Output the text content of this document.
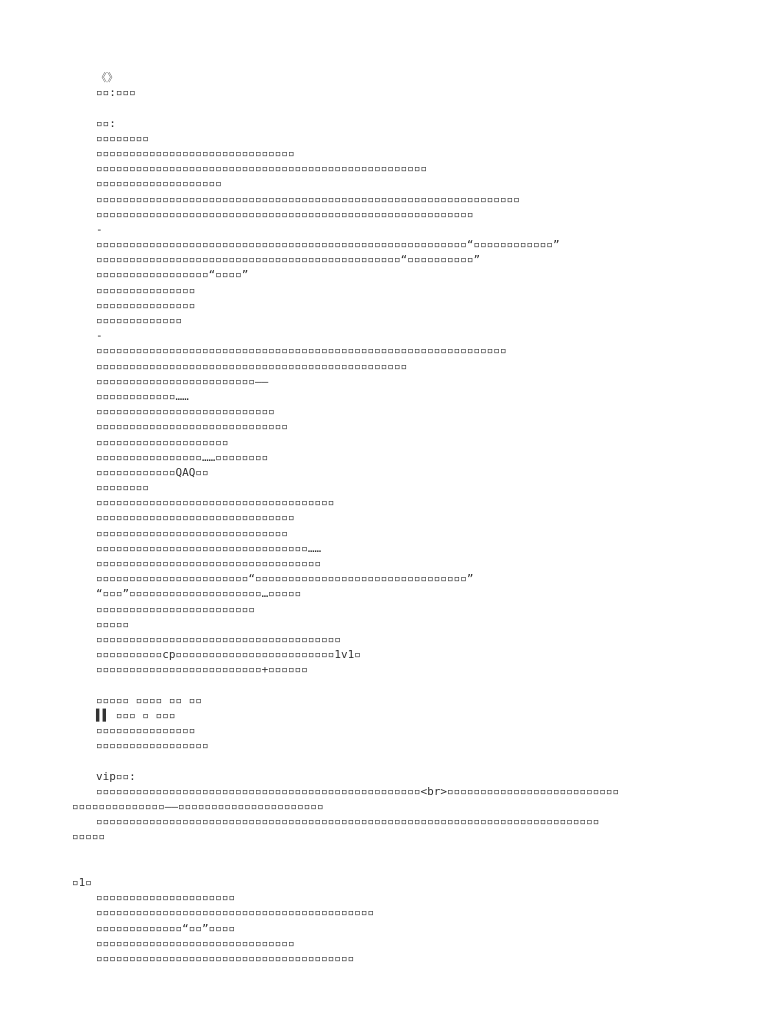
《》
▫▫:▫▫▫
▫▫:
▫▫▫▫▫▫▫▫
▫▫▫▫▫▫▫▫▫▫▫▫▫▫▫▫▫▫▫▫▫▫▫▫▫▫▫▫▫▫
▫▫▫▫▫▫▫▫▫▫▫▫▫▫▫▫▫▫▫▫▫▫▫▫▫▫▫▫▫▫▫▫▫▫▫▫▫▫▫▫▫▫▫▫▫▫▫▫▫▫
▫▫▫▫▫▫▫▫▫▫▫▫▫▫▫▫▫▫▫
▫▫▫▫▫▫▫▫▫▫▫▫▫▫▫▫▫▫▫▫▫▫▫▫▫▫▫▫▫▫▫▫▫▫▫▫▫▫▫▫▫▫▫▫▫▫▫▫▫▫▫▫▫▫▫▫▫▫▫▫▫▫▫▫
▫▫▫▫▫▫▫▫▫▫▫▫▫▫▫▫▫▫▫▫▫▫▫▫▫▫▫▫▫▫▫▫▫▫▫▫▫▫▫▫▫▫▫▫▫▫▫▫▫▫▫▫▫▫▫▫▫
-
▫▫▫▫▫▫▫▫▫▫▫▫▫▫▫▫▫▫▫▫▫▫▫▫▫▫▫▫▫▫▫▫▫▫▫▫▫▫▫▫▫▫▫▫▫▫▫▫▫▫▫▫▫▫▫▫“▫▫▫▫▫▫▫▫▫▫▫▫”
▫▫▫▫▫▫▫▫▫▫▫▫▫▫▫▫▫▫▫▫▫▫▫▫▫▫▫▫▫▫▫▫▫▫▫▫▫▫▫▫▫▫▫▫▫▫“▫▫▫▫▫▫▫▫▫▫”
▫▫▫▫▫▫▫▫▫▫▫▫▫▫▫▫▫“▫▫▫▫”
▫▫▫▫▫▫▫▫▫▫▫▫▫▫▫
▫▫▫▫▫▫▫▫▫▫▫▫▫▫▫
▫▫▫▫▫▫▫▫▫▫▫▫▫
-
▫▫▫▫▫▫▫▫▫▫▫▫▫▫▫▫▫▫▫▫▫▫▫▫▫▫▫▫▫▫▫▫▫▫▫▫▫▫▫▫▫▫▫▫▫▫▫▫▫▫▫▫▫▫▫▫▫▫▫▫▫▫
▫▫▫▫▫▫▫▫▫▫▫▫▫▫▫▫▫▫▫▫▫▫▫▫▫▫▫▫▫▫▫▫▫▫▫▫▫▫▫▫▫▫▫▫▫▫▫
▫▫▫▫▫▫▫▫▫▫▫▫▫▫▫▫▫▫▫▫▫▫▫▫——
▫▫▫▫▫▫▫▫▫▫▫▫……
▫▫▫▫▫▫▫▫▫▫▫▫▫▫▫▫▫▫▫▫▫▫▫▫▫▫▫
▫▫▫▫▫▫▫▫▫▫▫▫▫▫▫▫▫▫▫▫▫▫▫▫▫▫▫▫▫
▫▫▫▫▫▫▫▫▫▫▫▫▫▫▫▫▫▫▫▫
▫▫▫▫▫▫▫▫▫▫▫▫▫▫▫▫……▫▫▫▫▫▫▫▫
▫▫▫▫▫▫▫▫▫▫▫▫QAQ▫▫
▫▫▫▫▫▫▫▫
▫▫▫▫▫▫▫▫▫▫▫▫▫▫▫▫▫▫▫▫▫▫▫▫▫▫▫▫▫▫▫▫▫▫▫▫
▫▫▫▫▫▫▫▫▫▫▫▫▫▫▫▫▫▫▫▫▫▫▫▫▫▫▫▫▫▫
▫▫▫▫▫▫▫▫▫▫▫▫▫▫▫▫▫▫▫▫▫▫▫▫▫▫▫▫▫
▫▫▫▫▫▫▫▫▫▫▫▫▫▫▫▫▫▫▫▫▫▫▫▫▫▫▫▫▫▫▫▫……
▫▫▫▫▫▫▫▫▫▫▫▫▫▫▫▫▫▫▫▫▫▫▫▫▫▫▫▫▫▫▫▫▫▫
▫▫▫▫▫▫▫▫▫▫▫▫▫▫▫▫▫▫▫▫▫▫▫“▫▫▫▫▫▫▫▫▫▫▫▫▫▫▫▫▫▫▫▫▫▫▫▫▫▫▫▫▫▫▫▫”
“▫▫▫”▫▫▫▫▫▫▫▫▫▫▫▫▫▫▫▫▫▫▫▫…▫▫▫▫▫
▫▫▫▫▫▫▫▫▫▫▫▫▫▫▫▫▫▫▫▫▫▫▫▫
▫▫▫▫▫
▫▫▫▫▫▫▫▫▫▫▫▫▫▫▫▫▫▫▫▫▫▫▫▫▫▫▫▫▫▫▫▫▫▫▫▫▫
▫▫▫▫▫▫▫▫▫▫cp▫▫▫▫▫▫▫▫▫▫▫▫▫▫▫▫▫▫▫▫▫▫▫▫1v1▫
▫▫▫▫▫▫▫▫▫▫▫▫▫▫▫▫▫▫▫▫▫▫▫▫▫+▫▫▫▫▫▫
▫▫▫▫▫ ▫▫▫▫ ▫▫ ▫▫
▌▌ ▫▫▫ ▫ ▫▫▫
▫▫▫▫▫▫▫▫▫▫▫▫▫▫▫
▫▫▫▫▫▫▫▫▫▫▫▫▫▫▫▫▫
vip▫▫:
▫▫▫▫▫▫▫▫▫▫▫▫▫▫▫▫▫▫▫▫▫▫▫▫▫▫▫▫▫▫▫▫▫▫▫▫▫▫▫▫▫▫▫▫▫▫▫▫▫<br>▫▫▫▫▫▫▫▫▫▫▫▫▫▫▫▫▫▫▫▫▫▫▫▫▫▫
▫▫▫▫▫▫▫▫▫▫▫▫▫▫——▫▫▫▫▫▫▫▫▫▫▫▫▫▫▫▫▫▫▫▫▫▫
▫▫▫▫▫▫▫▫▫▫▫▫▫▫▫▫▫▫▫▫▫▫▫▫▫▫▫▫▫▫▫▫▫▫▫▫▫▫▫▫▫▫▫▫▫▫▫▫▫▫▫▫▫▫▫▫▫▫▫▫▫▫▫▫▫▫▫▫▫▫▫▫▫▫▫▫
▫▫▫▫▫
▫1▫
▫▫▫▫▫▫▫▫▫▫▫▫▫▫▫▫▫▫▫▫▫
▫▫▫▫▫▫▫▫▫▫▫▫▫▫▫▫▫▫▫▫▫▫▫▫▫▫▫▫▫▫▫▫▫▫▫▫▫▫▫▫▫▫
▫▫▫▫▫▫▫▫▫▫▫▫▫“▫▫”▫▫▫▫
▫▫▫▫▫▫▫▫▫▫▫▫▫▫▫▫▫▫▫▫▫▫▫▫▫▫▫▫▫▫
▫▫▫▫▫▫▫▫▫▫▫▫▫▫▫▫▫▫▫▫▫▫▫▫▫▫▫▫▫▫▫▫▫▫▫▫▫▫▫
